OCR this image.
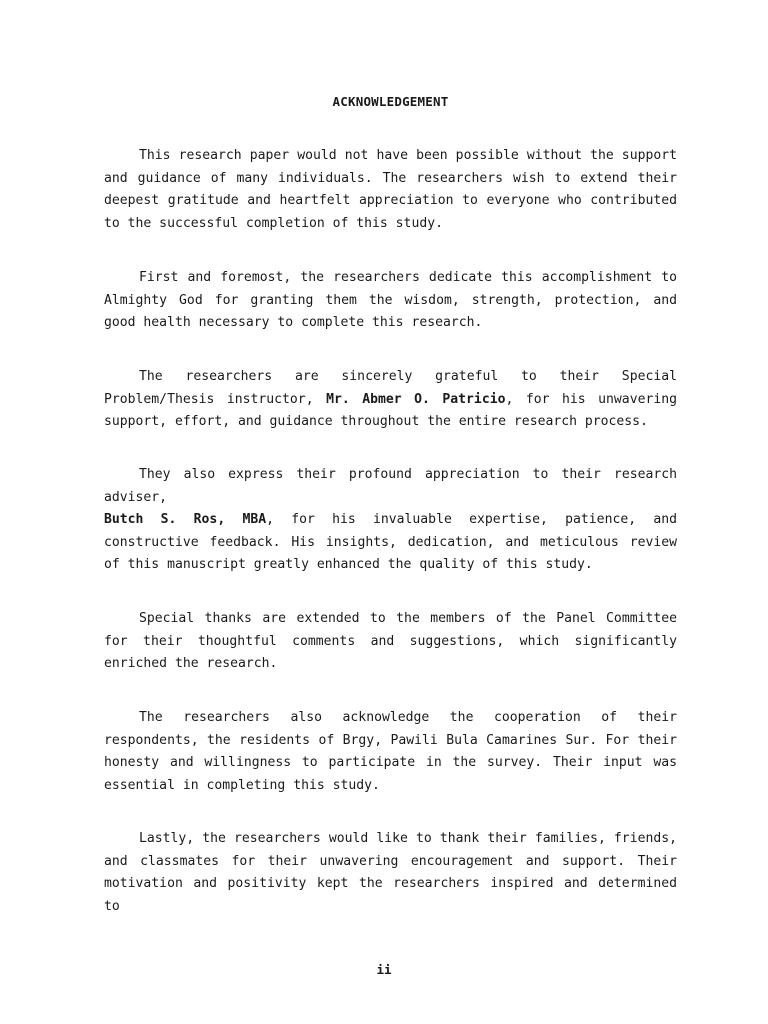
ACKNOWLEDGEMENT

This research paper would not have been possible without the support and guidance of many individuals. The researchers wish to extend their deepest gratitude and heartfelt appreciation to everyone who contributed to the successful completion of this study.

First and foremost, the researchers dedicate this accomplishment to Almighty God for granting them the wisdom, strength, protection, and good health necessary to complete this research.

The researchers are sincerely grateful to their Special Problem/Thesis instructor, Mr. Abmer O. Patricio, for his unwavering support, effort, and guidance throughout the entire research process.

They also express their profound appreciation to their research adviser,
Butch S. Ros, MBA, for his invaluable expertise, patience, and constructive feedback. His insights, dedication, and meticulous review of this manuscript greatly enhanced the quality of this study.

Special thanks are extended to the members of the Panel Committee for their thoughtful comments and suggestions, which significantly enriched the research.

The researchers also acknowledge the cooperation of their respondents, the residents of Brgy, Pawili Bula Camarines Sur. For their honesty and willingness to participate in the survey. Their input was essential in completing this study.

Lastly, the researchers would like to thank their families, friends, and classmates for their unwavering encouragement and support. Their motivation and positivity kept the researchers inspired and determined to

ii
